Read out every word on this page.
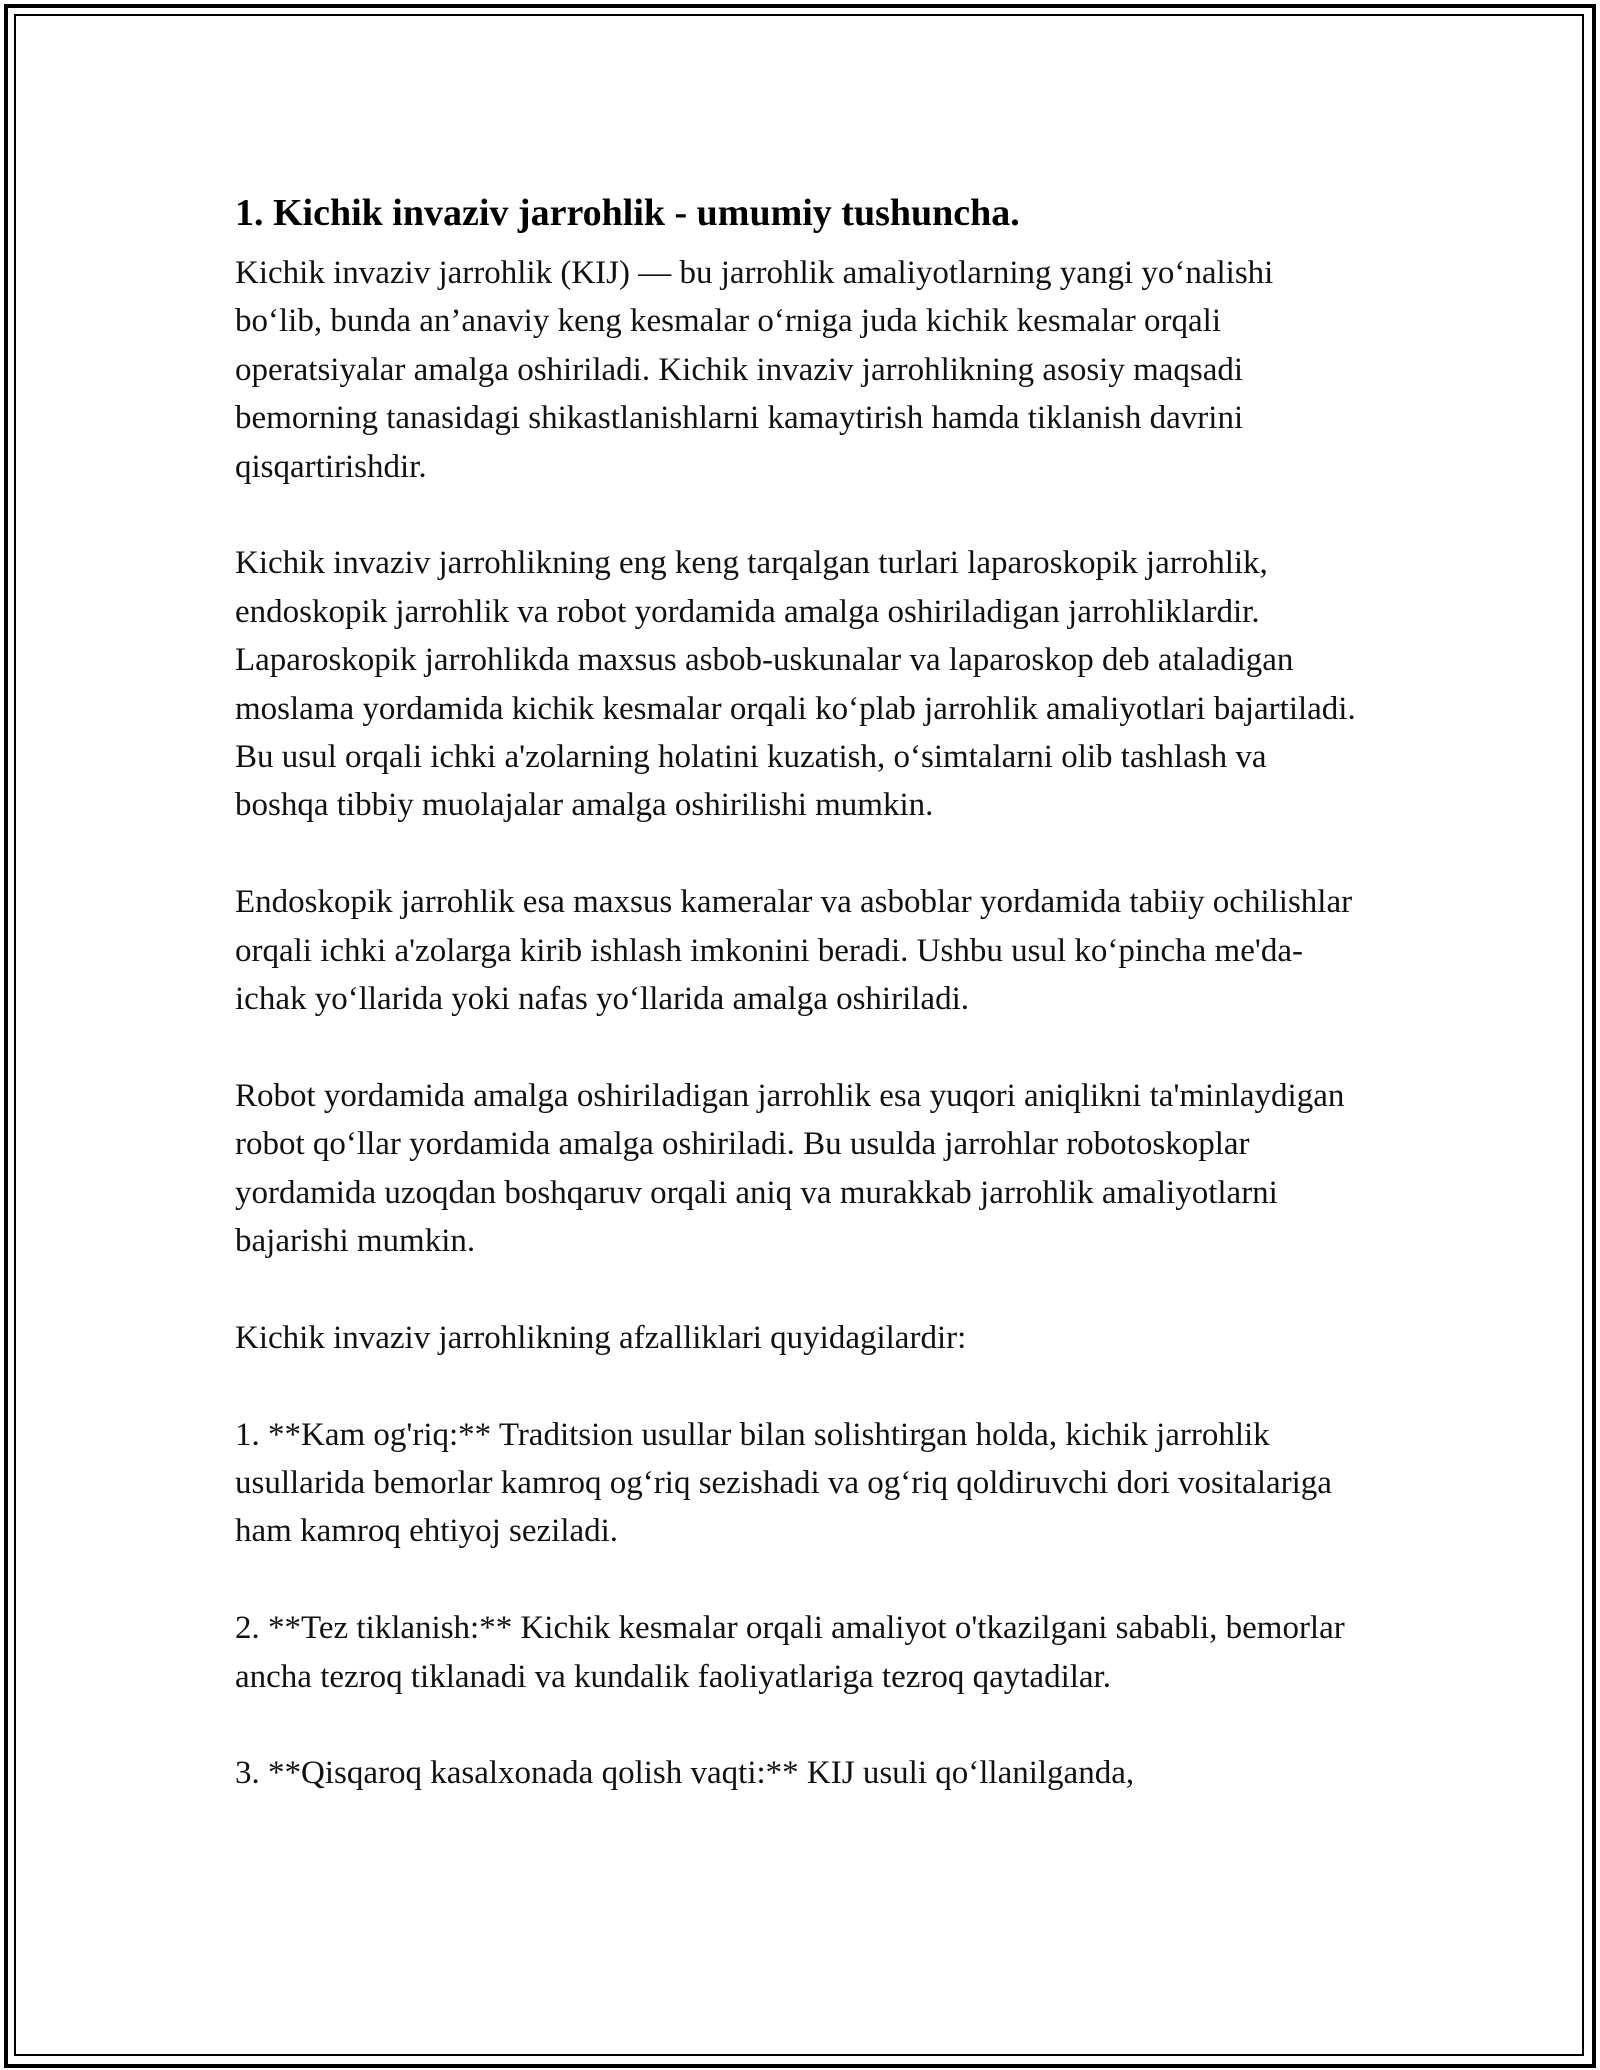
1. Kichik invaziv jarrohlik - umumiy tushuncha.

Kichik invaziv jarrohlik (KIJ) — bu jarrohlik amaliyotlarning yangi yo‘nalishi bo‘lib, bunda an’anaviy keng kesmalar o‘rniga juda kichik kesmalar orqali operatsiyalar amalga oshiriladi. Kichik invaziv jarrohlikning asosiy maqsadi bemorning tanasidagi shikastlanishlarni kamaytirish hamda tiklanish davrini qisqartirishdir.

Kichik invaziv jarrohlikning eng keng tarqalgan turlari laparoskopik jarrohlik, endoskopik jarrohlik va robot yordamida amalga oshiriladigan jarrohliklardir. Laparoskopik jarrohlikda maxsus asbob-uskunalar va laparoskop deb ataladigan moslama yordamida kichik kesmalar orqali ko‘plab jarrohlik amaliyotlari bajartiladi. Bu usul orqali ichki a'zolarning holatini kuzatish, o‘simtalarni olib tashlash va boshqa tibbiy muolajalar amalga oshirilishi mumkin.

Endoskopik jarrohlik esa maxsus kameralar va asboblar yordamida tabiiy ochilishlar orqali ichki a'zolarga kirib ishlash imkonini beradi. Ushbu usul ko‘pincha me'da-ichak yo‘llarida yoki nafas yo‘llarida amalga oshiriladi.

Robot yordamida amalga oshiriladigan jarrohlik esa yuqori aniqlikni ta'minlaydigan robot qo‘llar yordamida amalga oshiriladi. Bu usulda jarrohlar robotoskoplar yordamida uzoqdan boshqaruv orqali aniq va murakkab jarrohlik amaliyotlarni bajarishi mumkin.

Kichik invaziv jarrohlikning afzalliklari quyidagilardir:

1. **Kam og'riq:** Traditsion usullar bilan solishtirgan holda, kichik jarrohlik usullarida bemorlar kamroq og‘riq sezishadi va og‘riq qoldiruvchi dori vositalariga ham kamroq ehtiyoj seziladi.

2. **Tez tiklanish:** Kichik kesmalar orqali amaliyot o'tkazilgani sababli, bemorlar ancha tezroq tiklanadi va kundalik faoliyatlariga tezroq qaytadilar.

3. **Qisqaroq kasalxonada qolish vaqti:** KIJ usuli qo‘llanilganda,
